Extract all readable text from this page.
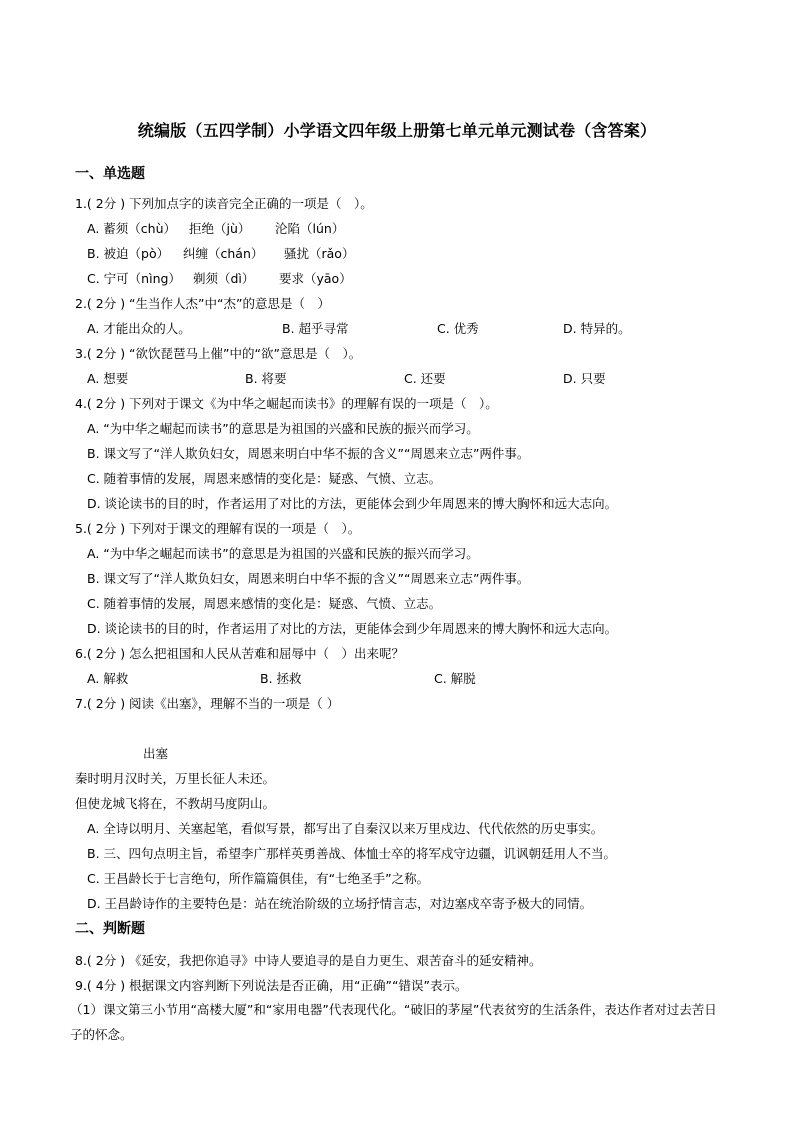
统编版（五四学制）小学语文四年级上册第七单元单元测试卷（含答案）
一、单选题
1.( 2分 ) 下列加点字的读音完全正确的一项是（　）。
A. 蓄须（chù） 拒绝（jù） 沦陷（lún）
B. 被迫（pò） 纠缠（chán） 骚扰（rǎo）
C. 宁可（nìng） 剃须（dì） 要求（yāo）
2.( 2分 ) “生当作人杰”中“杰”的意思是（　）
A. 才能出众的人。	B. 超乎寻常	C. 优秀	D. 特异的。
3.( 2分 ) “欲饮琵琶马上催”中的“欲”意思是（　）。
A. 想要	B. 将要	C. 还要	D. 只要
4.( 2分 ) 下列对于课文《为中华之崛起而读书》的理解有误的一项是（　）。
A. “为中华之崛起而读书”的意思是为祖国的兴盛和民族的振兴而学习。
B. 课文写了“洋人欺负妇女，周恩来明白中华不振的含义”“周恩来立志”两件事。
C. 随着事情的发展，周恩来感情的变化是：疑惑、气愤、立志。
D. 谈论读书的目的时，作者运用了对比的方法，更能体会到少年周恩来的博大胸怀和远大志向。
5.( 2分 ) 下列对于课文的理解有误的一项是（　）。
A. “为中华之崛起而读书”的意思是为祖国的兴盛和民族的振兴而学习。
B. 课文写了“洋人欺负妇女，周恩来明白中华不振的含义”“周恩来立志”两件事。
C. 随着事情的发展，周恩来感情的变化是：疑惑、气愤、立志。
D. 谈论读书的目的时，作者运用了对比的方法，更能体会到少年周恩来的博大胸怀和远大志向。
6.( 2分 ) 怎么把祖国和人民从苦难和屈辱中（　）出来呢？
A. 解救	B. 拯救	C. 解脱
7.( 2分 ) 阅读《出塞》，理解不当的一项是（ ）
出塞
秦时明月汉时关，万里长征人未还。
但使龙城飞将在，不教胡马度阴山。
A. 全诗以明月、关塞起笔，看似写景，都写出了自秦汉以来万里戍边、代代依然的历史事实。
B. 三、四句点明主旨，希望李广那样英勇善战、体恤士卒的将军戍守边疆，讥讽朝廷用人不当。
C. 王昌龄长于七言绝句，所作篇篇俱佳，有“七绝圣手”之称。
D. 王昌龄诗作的主要特色是：站在统治阶级的立场抒情言志，对边塞戍卒寄予极大的同情。
二、判断题
8.( 2分 ) 《延安，我把你追寻》中诗人要追寻的是自力更生、艰苦奋斗的延安精神。
9.( 4分 ) 根据课文内容判断下列说法是否正确，用“正确”“错误”表示。
（1）课文第三小节用“高楼大厦”和“家用电器”代表现代化。“破旧的茅屋”代表贫穷的生活条件，表达作者对过去苦日子的怀念。
